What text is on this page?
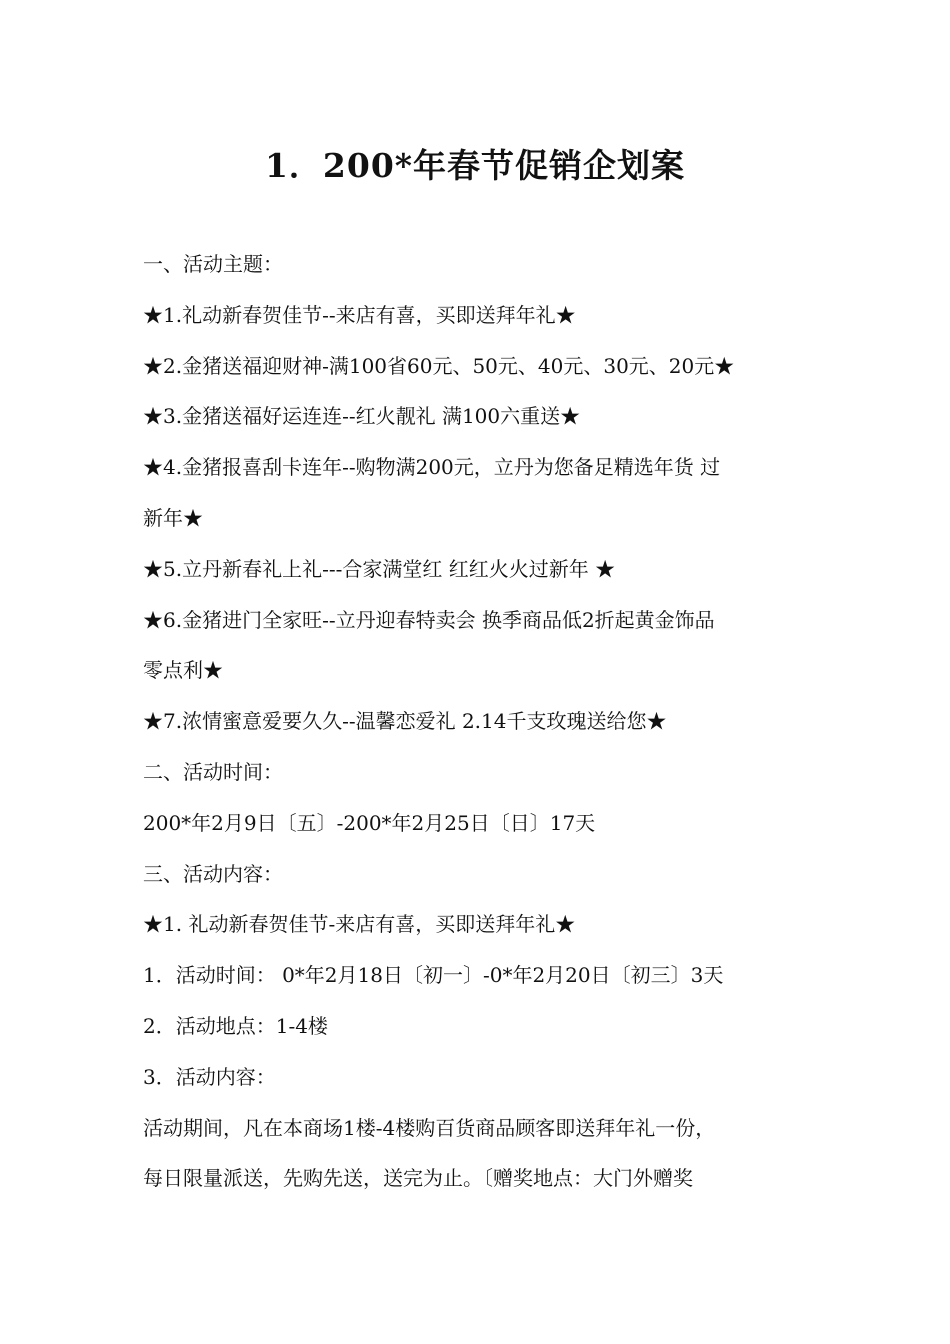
1．200*年春节促销企划案
一、活动主题：
★1.礼动新春贺佳节--来店有喜，买即送拜年礼★
★2.金猪送福迎财神-满100省60元、50元、40元、30元、20元★
★3.金猪送福好运连连--红火靓礼 满100六重送★
★4.金猪报喜刮卡连年--购物满200元，立丹为您备足精选年货 过
新年★
★5.立丹新春礼上礼---合家满堂红 红红火火过新年 ★
★6.金猪进门全家旺--立丹迎春特卖会 换季商品低2折起黄金饰品
零点利★
★7.浓情蜜意爱要久久--温馨恋爱礼 2.14千支玫瑰送给您★
二、活动时间：
200*年2月9日〔五〕-200*年2月25日〔日〕17天
三、活动内容：
★1. 礼动新春贺佳节-来店有喜，买即送拜年礼★
1．活动时间： 0*年2月18日〔初一〕-0*年2月20日〔初三〕3天
2．活动地点：1-4楼
3．活动内容：
活动期间，凡在本商场1楼-4楼购百货商品顾客即送拜年礼一份，
每日限量派送，先购先送，送完为止。〔赠奖地点：大门外赠奖
